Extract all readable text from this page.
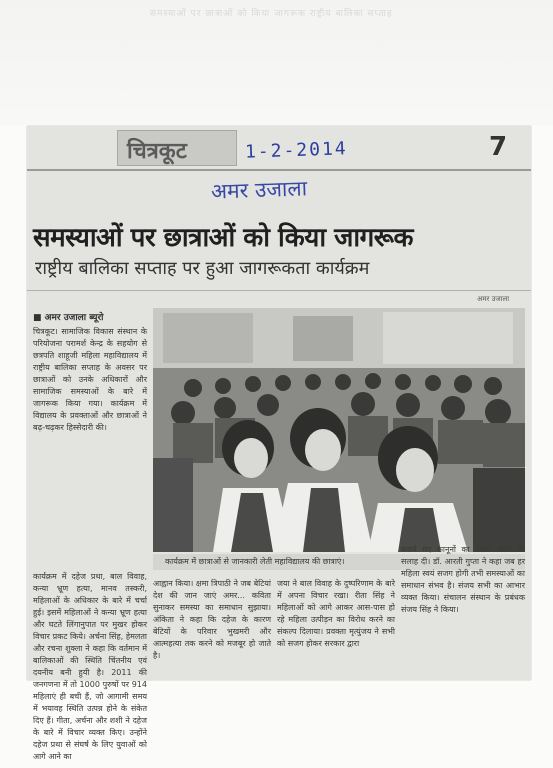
समस्याओं पर छात्राओं को किया जागरूक राष्ट्रीय बालिका सप्ताह
चित्रकूट	1-2-2014	7
अमर उजाला
समस्याओं पर छात्राओं को किया जागरूक
राष्ट्रीय बालिका सप्ताह पर हुआ जागरूकता कार्यक्रम
अमर उजाला
■ अमर उजाला ब्यूरो
चित्रकूट। सामाजिक विकास संस्थान के परियोजना परामर्श केन्द्र के सहयोग से छत्रपति शाहूजी महिला महाविद्यालय में राष्ट्रीय बालिका सप्ताह के अवसर पर छात्राओं को उनके अधिकारों और सामाजिक समस्याओं के बारे में जागरूक किया गया। कार्यक्रम में विद्यालय के प्रवक्ताओं और छात्राओं ने बढ़-चढ़कर हिस्सेदारी की।
कार्यक्रम में दहेज प्रथा, बाल विवाह, कन्या भ्रूण हत्या, मानव तस्करी, महिलाओं के अधिकार के बारे में चर्चा हुई। इसमें महिलाओं ने कन्या भ्रूण हत्या और घटते लिंगानुपात पर मुखर होकर विचार प्रकट किये। अर्चना सिंह, हेमलता और रचना शुक्ला ने कहा कि वर्तमान में बालिकाओं की स्थिति चिंतनीय एवं दयनीय बनी हुयी है। 2011 की जनगणना में तो 1000 पुरुषों पर 914 महिलाएं ही बची हैं, जो आगामी समय में भयावह स्थिति उत्पन्न होने के संकेत दिए हैं। गीता, अर्चना और शशी ने दहेज के बारे में विचार व्यक्त किए। उन्होंने दहेज प्रथा से संघर्ष के लिए युवाओं को आगे आने का
कार्यक्रम में छात्राओं से जानकारी लेती महाविद्यालय की छात्राएं।
आह्वान किया। क्षमा त्रिपाठी ने जब बेटियां देश की जान जाएं अमर... कविता सुनाकर समस्या का समाधान सुझाया। अंकिता ने कहा कि दहेज के कारण बेटियों के परिवार भुखमरी और आत्महत्या तक करने को मजबूर हो जाते है।
जया ने बाल विवाह के दुष्परिणाम के बारे में अपना विचार रखा। रीता सिंह ने महिलाओं को आगे आकर आस-पास हो रहे महिला उत्पीड़न का विरोध करने का संकल्प दिलाया। प्रवक्ता मृत्युंजय ने सभी को सजग होकर सरकार द्वारा
बनाये गए कानूनों का पालन करने की सलाह दी। डॉ. आरती गुप्ता ने कहा जब हर महिला स्वयं सजग होगी तभी समस्याओं का समाधान संभव है। संजय सभी का आभार व्यक्त किया। संचालन संस्थान के प्रबंधक संजय सिंह ने किया।
